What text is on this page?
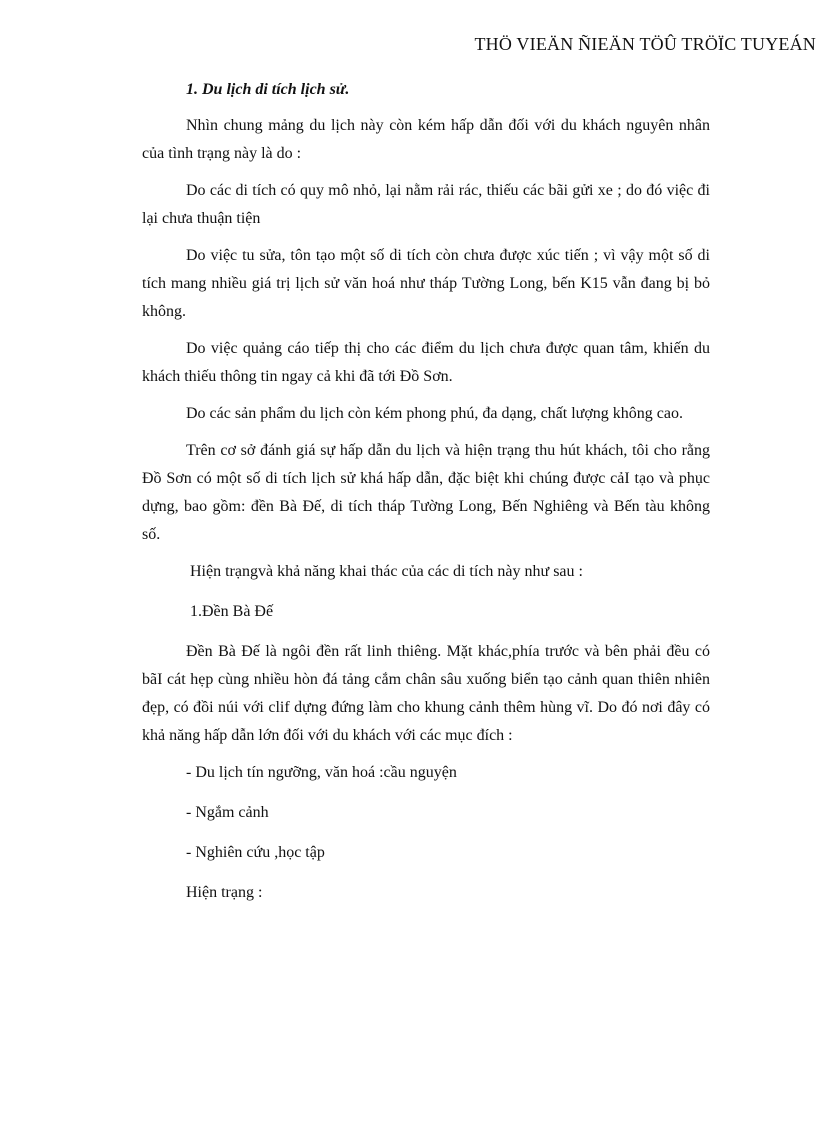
THÖ VIEÄN ÑIEÄN TÖÛ TRÖÏC TUYEÁN
1. Du lịch di tích lịch sử.

Nhìn chung mảng du lịch này còn kém hấp dẫn đối với du khách nguyên nhân của tình trạng này là do :

Do các di tích có quy mô nhỏ, lại nằm rải rác, thiếu các bãi gửi xe ; do đó việc đi lại chưa thuận tiện

Do việc tu sửa, tôn tạo một số di tích còn chưa được xúc tiến ; vì vậy một số di tích mang nhiều giá trị lịch sử văn hoá như tháp Tường Long, bến K15 vẫn đang bị bỏ không.

Do việc quảng cáo tiếp thị cho các điểm du lịch chưa được quan tâm, khiến du khách thiếu thông tin ngay cả khi đã tới Đồ Sơn.

Do các sản phẩm du lịch còn kém phong phú, đa dạng, chất lượng không cao.

Trên cơ sở đánh giá sự hấp dẫn du lịch và hiện trạng thu hút khách, tôi cho rằng Đồ Sơn có một số di tích lịch sử khá hấp dẫn, đặc biệt khi chúng được cảI tạo và phục dựng, bao gồm: đền Bà Đế, di tích tháp Tường Long, Bến Nghiêng và Bến tàu không số.

Hiện trạngvà khả năng khai thác của các di tích này như sau :
1.Đền Bà Đế

Đền Bà Đế là ngôi đền rất linh thiêng. Mặt khác,phía trước và bên phải đều có bãI cát hẹp cùng nhiều hòn đá tảng cắm chân sâu xuống biển tạo cảnh quan thiên nhiên đẹp, có đồi núi với clif dựng đứng làm cho khung cảnh thêm hùng vĩ. Do đó nơi đây có khả năng hấp dẫn lớn đối với du khách với các mục đích :

- Du lịch tín ngưỡng, văn hoá :cầu nguyện
- Ngắm cảnh
- Nghiên cứu ,học tập
Hiện trạng :
